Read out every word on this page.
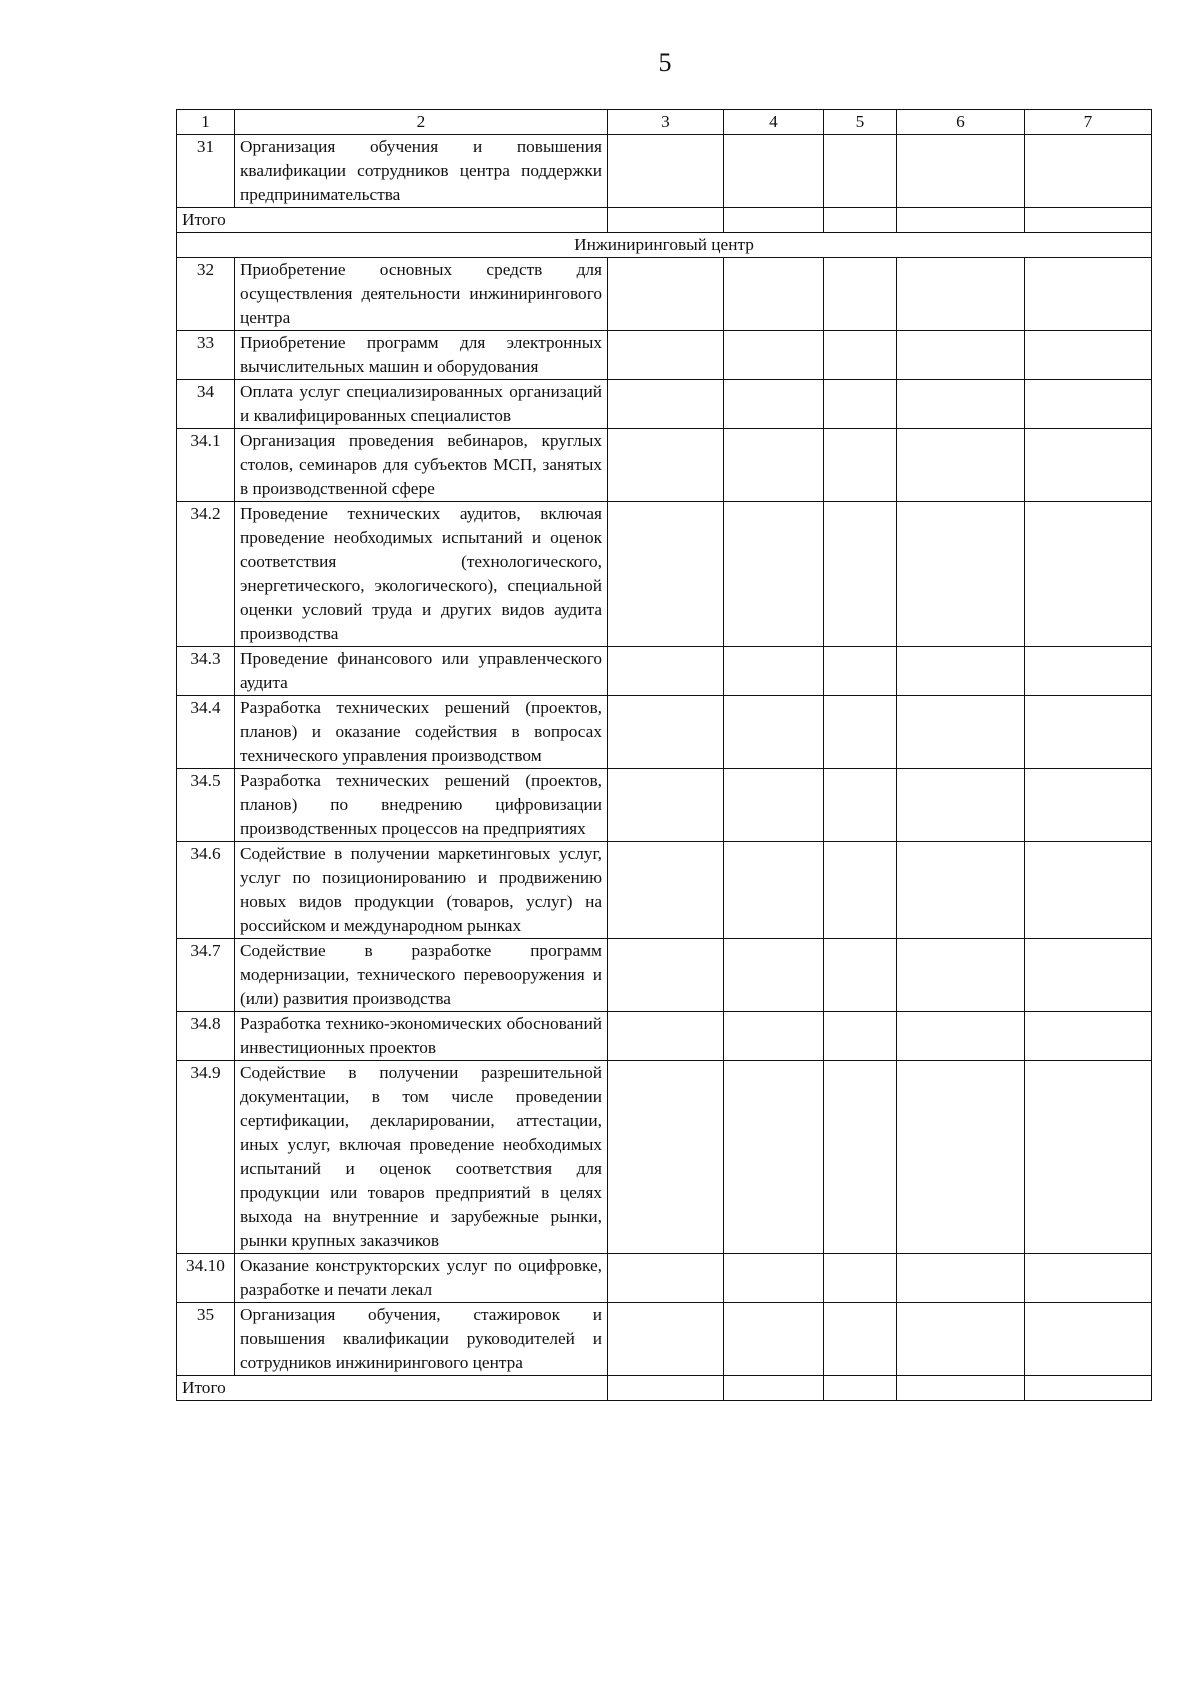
5
1	2	3	4	5	6	7
31	Организация обучения и повышения квалификации сотрудников центра поддержки предпринимательства					
Итого						
Инжиниринговый центр						
32	Приобретение основных средств для осуществления деятельности инжинирингового центра					
33	Приобретение программ для электронных вычислительных машин и оборудования					
34	Оплата услуг специализированных организаций и квалифицированных специалистов					
34.1	Организация проведения вебинаров, круглых столов, семинаров для субъектов МСП, занятых в производственной сфере					
34.2	Проведение технических аудитов, включая проведение необходимых испытаний и оценок соответствия (технологического, энергетического, экологического), специальной оценки условий труда и других видов аудита производства					
34.3	Проведение финансового или управленческого аудита					
34.4	Разработка технических решений (проектов, планов) и оказание содействия в вопросах технического управления производством					
34.5	Разработка технических решений (проектов, планов) по внедрению цифровизации производственных процессов на предприятиях					
34.6	Содействие в получении маркетинговых услуг, услуг по позиционированию и продвижению новых видов продукции (товаров, услуг) на российском и международном рынках					
34.7	Содействие в разработке программ модернизации, технического перевооружения и (или) развития производства					
34.8	Разработка технико-экономических обоснований инвестиционных проектов					
34.9	Содействие в получении разрешительной документации, в том числе проведении сертификации, декларировании, аттестации, иных услуг, включая проведение необходимых испытаний и оценок соответствия для продукции или товаров предприятий в целях выхода на внутренние и зарубежные рынки, рынки крупных заказчиков					
34.10	Оказание конструкторских услуг по оцифровке, разработке и печати лекал					
35	Организация обучения, стажировок и повышения квалификации руководителей и сотрудников инжинирингового центра					
Итого						
